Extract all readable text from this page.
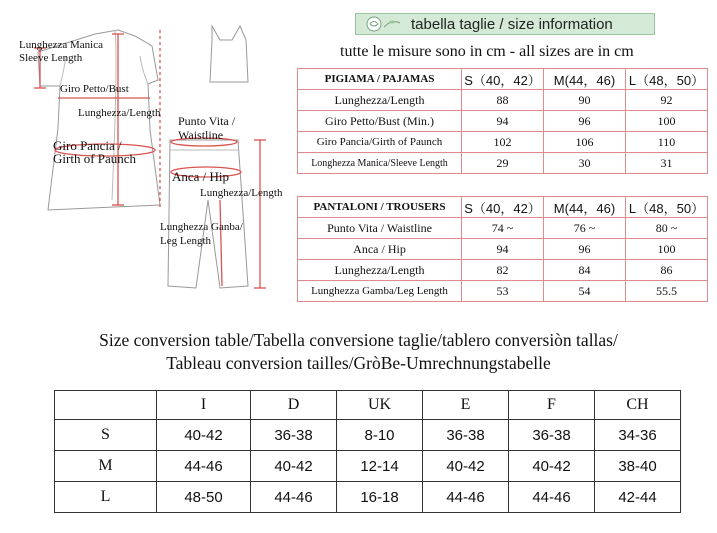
Lunghezza Manica
Sleeve Length
Giro Petto/Bust
Lunghezza/Length
Giro Pancia /
Girth of Paunch
Punto Vita /
Waistline
Anca / Hip
Lunghezza/Length
Lunghezza Ganba/
Leg Length
tabella taglie / size information
tutte le misure sono in cm - all sizes are in cm
PIGIAMA / PAJAMAS	S（40，42）	M(44，46)	L（48，50）
Lunghezza/Length	88	90	92
Giro Petto/Bust (Min.)	94	96	100
Giro Pancia/Girth of Paunch	102	106	110
Longhezza Manica/Sleeve Length	29	30	31
PANTALONI / TROUSERS	S（40，42）	M(44，46)	L（48，50）
Punto Vita / Waistline	74 ~	76 ~	80 ~
Anca / Hip	94	96	100
Lunghezza/Length	82	84	86
Lunghezza Gamba/Leg Length	53	54	55.5
Size conversion table/Tabella conversione taglie/tablero conversiòn tallas/
Tableau conversion tailles/GròBe-Umrechnungstabelle
	I	D	UK	E	F	CH
S	40-42	36-38	8-10	36-38	36-38	34-36
M	44-46	40-42	12-14	40-42	40-42	38-40
L	48-50	44-46	16-18	44-46	44-46	42-44
